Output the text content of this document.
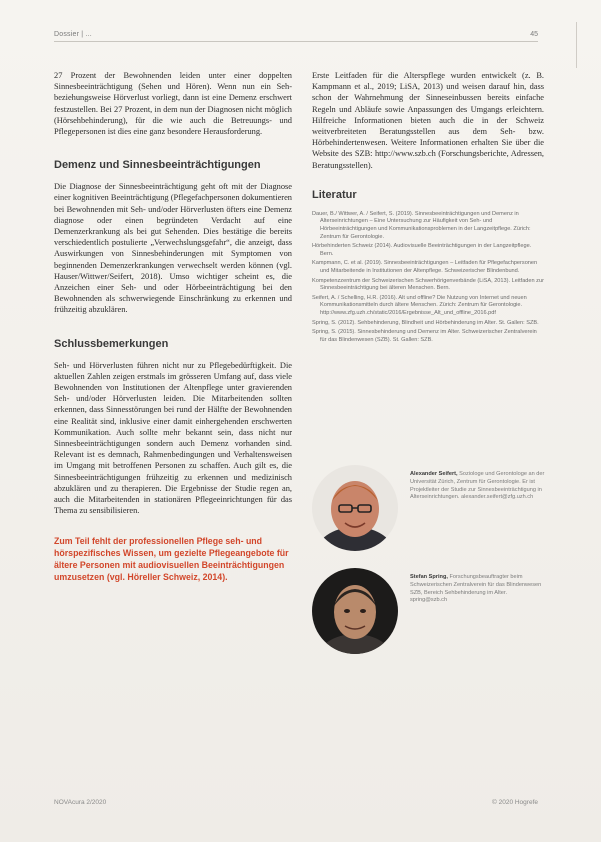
Dossier | ...	45

27 Prozent der Bewohnenden leiden unter einer doppelten Sinnesbeeinträchtigung (Sehen und Hören). Wenn nun ein Seh- beziehungsweise Hörverlust vorliegt, dann ist eine Demenz erschwert festzustellen. Bei 27 Prozent, in dem nun der Diagnosen nicht möglich (Hörsehbehinderung), für die wie auch die Betreuungs- und Pflegepersonen ist dies eine ganz besondere Herausforderung.

Demenz und Sinnesbeeinträchtigungen

Die Diagnose der Sinnesbeeinträchtigung geht oft mit der Diagnose einer kognitiven Beeinträchtigung (Pflegefachpersonen dokumentieren bei Bewohnenden mit Seh- und/oder Hörverlusten öfters eine Demenz diagnose oder einen begründeten Verdacht auf eine Demenzerkrankung als bei gut Sehenden. Dies bestätige die bereits verschiedentlich postulierte „Verwechslungsgefahr“, die anzeigt, dass Auswirkungen von Sinnesbehinderungen mit Symptomen von beginnenden Demenzerkrankungen verwechselt werden können (vgl. Hauser/Wittwer/Seifert, 2018). Umso wichtiger scheint es, die Anzeichen einer Seh- und oder Hörbeeinträchtigung bei den Bewohnenden als schwerwiegende Einschränkung zu erkennen und frühzeitig abzuklären.

Schlussbemerkungen

Seh- und Hörverlusten führen nicht nur zu Pflegebedürftigkeit. Die aktuellen Zahlen zeigen erstmals im grösseren Umfang auf, dass viele Bewohnenden von Institutionen der Altenpflege unter gravierenden Seh- und/oder Hörverlusten leiden. Die Mitarbeitenden sollten erkennen, dass Sinnesstörungen bei rund der Hälfte der Bewohnenden eine Realität sind, inklusive einer damit einhergehenden erschwerten Kommunikation. Auch sollte mehr bekannt sein, dass nicht nur Sinnesbeeinträchtigungen sondern auch Demenz vorhanden sind. Relevant ist es demnach, Rahmenbedingungen und Verhaltensweisen im Umgang mit betroffenen Personen zu schaffen. Auch gilt es, die Sinnesbeeinträchtigungen frühzeitig zu erkennen und medizinisch abzuklären und zu therapieren. Die Ergebnisse der Studie regen an, auch die Mitarbeitenden in stationären Pflegeeinrichtungen für das Thema zu sensibilisieren.

Zum Teil fehlt der professionellen Pflege seh- und hörspezifisches Wissen, um gezielte Pflegeangebote für ältere Personen mit audiovisuellen Beeinträchtigungen umzusetzen (vgl. Höreller Schweiz, 2014).

Erste Leitfaden für die Alterspflege wurden entwickelt (z. B. Kampmann et al., 2019; LiSA, 2013) und weisen darauf hin, dass schon der Wahrnehmung der Sinneseinbussen bereits einfache Regeln und Abläufe sowie Anpassungen des Umgangs erleichtern. Hilfreiche Informationen bieten auch die in der Schweiz weitverbreiteten Beratungsstellen aus dem Seh- bzw. Hörbehindertenwesen. Weitere Informationen erhalten Sie über die Website des SZB: http://www.szb.ch (Forschungsberichte, Adressen, Beratungsstellen).

Literatur
Dauer, B./ Wittwer, A. / Seifert, S. (2019). Sinnesbeeinträchtigungen und Demenz in Alterseinrichtungen – Eine Untersuchung zur Häufigkeit von Seh- und Hörbeeinträchtigungen und Kommunikationsproblemen in der Langzeitpflege. Zürich: Zentrum für Gerontologie.
Hörbehinderten Schweiz (2014). Audiovisuelle Beeinträchtigungen in der Langzeitpflege. Bern.
Kampmann, C. et al. (2019). Sinnesbeeinträchtigungen – Leitfaden für Pflegefachpersonen und Mitarbeitende in Institutionen der Altenpflege. Schweizerischer Blindenbund.
Kompetenzzentrum der Schweizerischen Schwerhörigenverbände (LiSA, 2013). Leitfaden zur Sinnesbeeinträchtigung bei älteren Menschen. Bern.
Seifert, A. / Schelling, H.R. (2016). Alt und offline? Die Nutzung von Internet und neuen Kommunikationsmitteln durch ältere Menschen. Zürich: Zentrum für Gerontologie. http://www.zfg.uzh.ch/static/2016/Ergebnisse_Alt_und_offline_2016.pdf
Spring, S. (2012). Sehbehinderung, Blindheit und Hörbehinderung im Alter. St. Gallen: SZB.
Spring, S. (2015). Sinnesbehinderung und Demenz im Alter. Schweizerischer Zentralverein für das Blindenwesen (SZB). St. Gallen: SZB.
Alexander Seifert, Soziologe und Gerontologe an der Universität Zürich, Zentrum für Gerontologie. Er ist Projektleiter der Studie zur Sinnesbeeinträchtigung in Alterseinrichtungen. alexander.seifert@zfg.uzh.ch
Stefan Spring, Forschungsbeauftragter beim Schweizerischen Zentralverein für das Blindenwesen SZB, Bereich Sehbehinderung im Alter. spring@szb.ch
NOVAcura 2/2020	© 2020 Hogrefe
